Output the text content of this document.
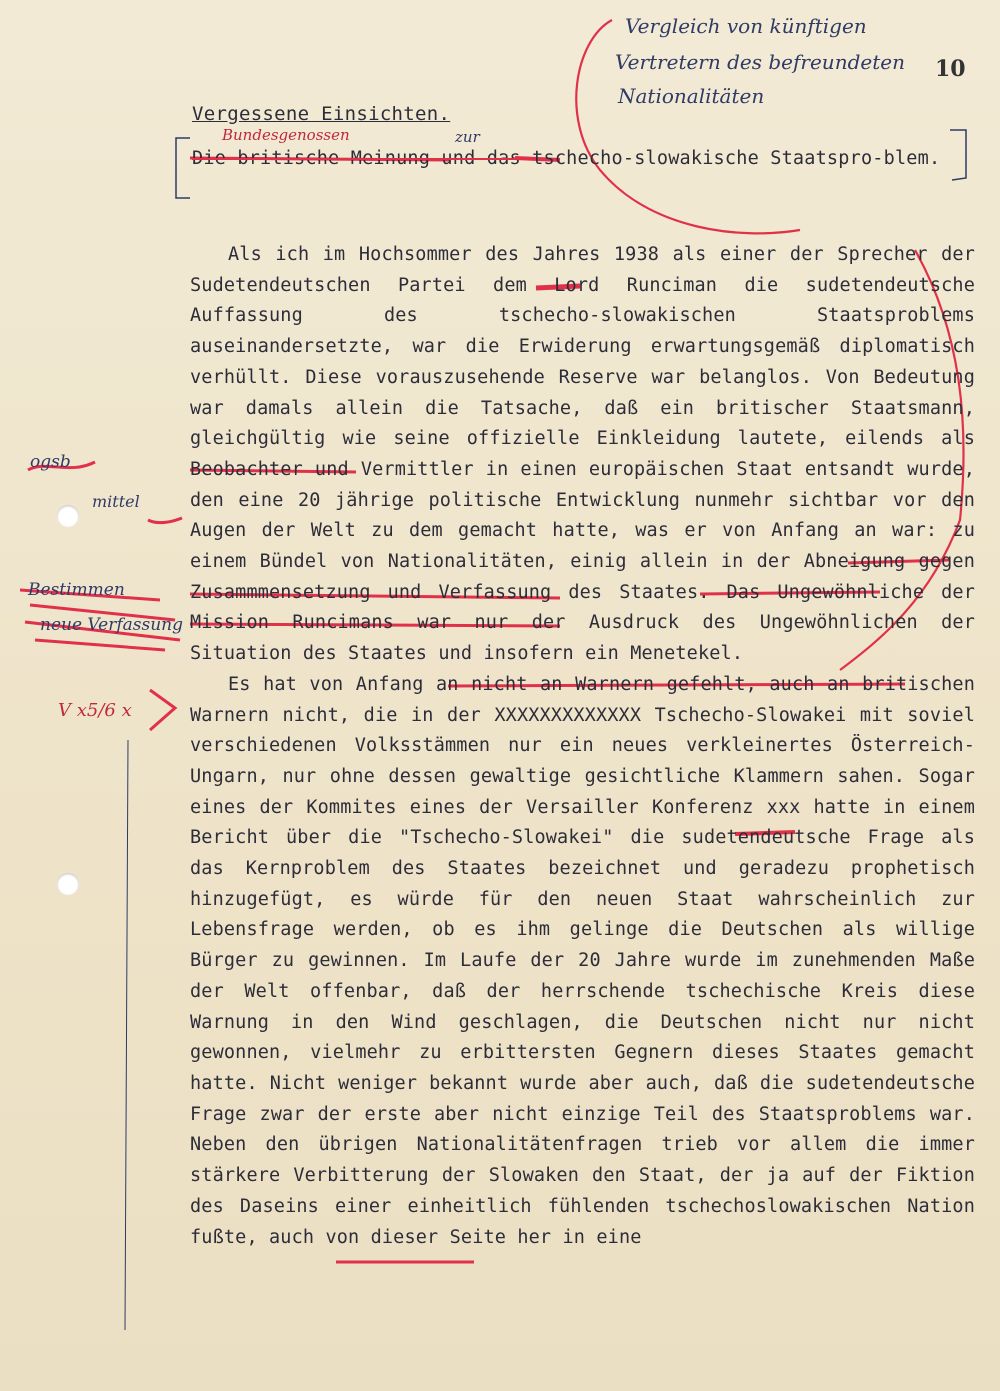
Vergleich von künftigen
Vertretern des befreundeten
Nationalitäten
10
Bundesgenossen	zur
ogsb
mittel
Bestimmen
neue Verfassung
V x5/6 x
Vergessene Einsichten.
Die britische Meinung und das tschecho-slowakische Staatspro-blem.

Als ich im Hochsommer des Jahres 1938 als einer der Sprecher der Sudetendeutschen Partei dem Lord Runciman die sudetendeutsche Auffassung des tschecho-slowakischen Staatsproblems auseinandersetzte, war die Erwiderung erwartungsgemäß diplomatisch verhüllt. Diese vorauszusehende Reserve war belanglos. Von Bedeutung war damals allein die Tatsache, daß ein britischer Staatsmann, gleichgültig wie seine offizielle Einkleidung lautete, eilends als Beobachter und Vermittler in einen europäischen Staat entsandt wurde, den eine 20 jährige politische Entwicklung nunmehr sichtbar vor den Augen der Welt zu dem gemacht hatte, was er von Anfang an war: zu einem Bündel von Nationalitäten, einig allein in der Abneigung gegen Zusammmensetzung und Verfassung des Staates. Das Ungewöhnliche der Mission Runcimans war nur der Ausdruck des Ungewöhnlichen der Situation des Staates und insofern ein Menetekel.

Es hat von Anfang an nicht an Warnern gefehlt, auch an britischen Warnern nicht, die in der XXXXXXXXXXXXX Tschecho-Slowakei mit soviel verschiedenen Volksstämmen nur ein neues verkleinertes Österreich-Ungarn, nur ohne dessen gewaltige gesichtliche Klammern sahen. Sogar eines der Kommites eines der Versailler Konferenz xxx hatte in einem Bericht über die "Tschecho-Slowakei" die sudetendeutsche Frage als das Kernproblem des Staates bezeichnet und geradezu prophetisch hinzugefügt, es würde für den neuen Staat wahrscheinlich zur Lebensfrage werden, ob es ihm gelinge die Deutschen als willige Bürger zu gewinnen. Im Laufe der 20 Jahre wurde im zunehmenden Maße der Welt offenbar, daß der herrschende tschechische Kreis diese Warnung in den Wind geschlagen, die Deutschen nicht nur nicht gewonnen, vielmehr zu erbittersten Gegnern dieses Staates gemacht hatte. Nicht weniger bekannt wurde aber auch, daß die sudetendeutsche Frage zwar der erste aber nicht einzige Teil des Staatsproblems war. Neben den übrigen Nationalitätenfragen trieb vor allem die immer stärkere Verbitterung der Slowaken den Staat, der ja auf der Fiktion des Daseins einer einheitlich fühlenden tschechoslowakischen Nation fußte, auch von dieser Seite her in eine
